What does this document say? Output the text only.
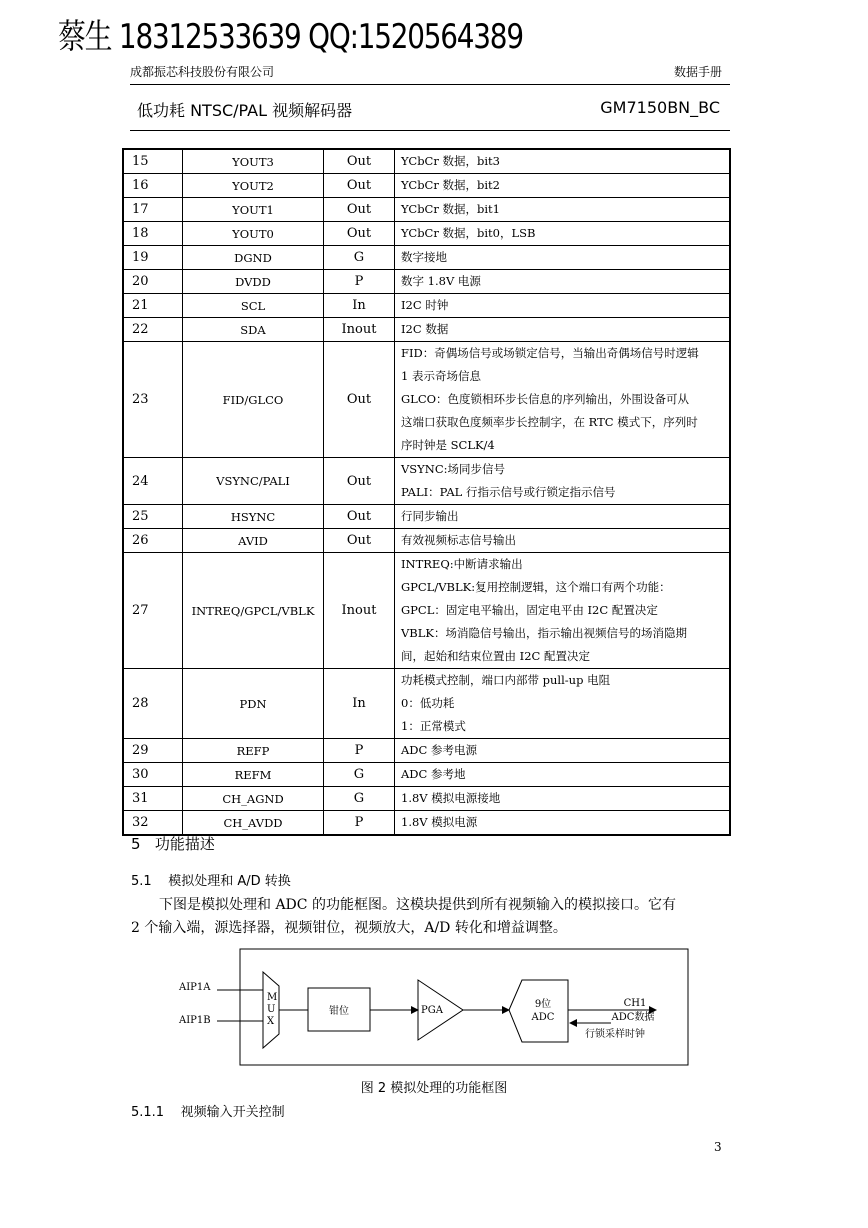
蔡生 18312533639 QQ:1520564389
成都振芯科技股份有限公司	数据手册
低功耗 NTSC/PAL 视频解码器	GM7150BN_BC
15	YOUT3	Out	YCbCr 数据，bit3

16	YOUT2	Out	YCbCr 数据，bit2

17	YOUT1	Out	YCbCr 数据，bit1

18	YOUT0	Out	YCbCr 数据，bit0，LSB

19	DGND	G	数字接地

20	DVDD	P	数字 1.8V 电源

21	SCL	In	I2C 时钟

22	SDA	Inout	I2C 数据

23	FID/GLCO	Out	FID：奇偶场信号或场锁定信号，当输出奇偶场信号时逻辑
1 表示奇场信息
GLCO：色度锁相环步长信息的序列输出，外围设备可从
这端口获取色度频率步长控制字，在 RTC 模式下，序列时
序时钟是 SCLK/4

24	VSYNC/PALI	Out	VSYNC:场同步信号
PALI：PAL 行指示信号或行锁定指示信号

25	HSYNC	Out	行同步输出

26	AVID	Out	有效视频标志信号输出

27	INTREQ/GPCL/VBLK	Inout	INTREQ:中断请求输出
GPCL/VBLK:复用控制逻辑，这个端口有两个功能：
GPCL：固定电平输出，固定电平由 I2C 配置决定
VBLK：场消隐信号输出，指示输出视频信号的场消隐期
间，起始和结束位置由 I2C 配置决定

28	PDN	In	功耗模式控制，端口内部带 pull-up 电阻
0：低功耗
1：正常模式

29	REFP	P	ADC 参考电源

30	REFM	G	ADC 参考地

31	CH_AGND	G	1.8V 模拟电源接地

32	CH_AVDD	P	1.8V 模拟电源
5 功能描述
5.1 模拟处理和 A/D 转换
下图是模拟处理和 ADC 的功能框图。这模块提供到所有视频输入的模拟接口。它有
2 个输入端，源选择器，视频钳位，视频放大，A/D 转化和增益调整。
AIP1A
AIP1B
M
U
X
钳位	PGA
9位
ADC
CH1
ADC数据
行锁采样时钟
图 2 模拟处理的功能框图
5.1.1 视频输入开关控制
3
